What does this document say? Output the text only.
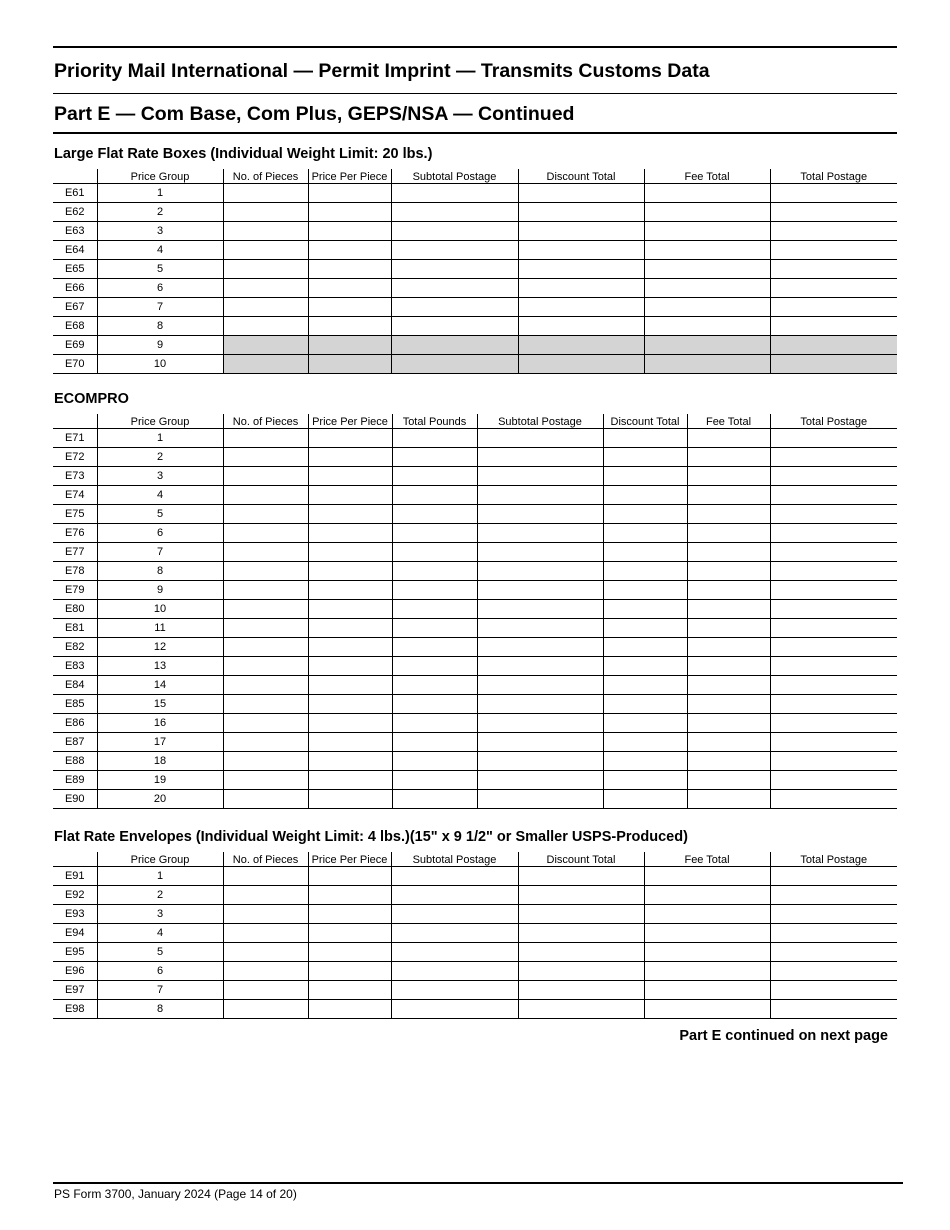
Priority Mail International — Permit Imprint — Transmits Customs Data
Part E — Com Base, Com Plus, GEPS/NSA — Continued
Large Flat Rate Boxes (Individual Weight Limit: 20 lbs.)
	Price Group	No. of Pieces	Price Per Piece	Subtotal Postage	Discount Total	Fee Total	Total Postage
E61	1						
E62	2						
E63	3						
E64	4						
E65	5						
E66	6						
E67	7						
E68	8						
E69	9						
E70	10						
ECOMPRO
	Price Group	No. of Pieces	Price Per Piece	Total Pounds	Subtotal Postage	Discount Total	Fee Total	Total Postage
E71	1							
E72	2							
E73	3							
E74	4							
E75	5							
E76	6							
E77	7							
E78	8							
E79	9							
E80	10							
E81	11							
E82	12							
E83	13							
E84	14							
E85	15							
E86	16							
E87	17							
E88	18							
E89	19							
E90	20							
Flat Rate Envelopes (Individual Weight Limit: 4 lbs.)(15" x 9 1/2" or Smaller USPS-Produced)
	Price Group	No. of Pieces	Price Per Piece	Subtotal Postage	Discount Total	Fee Total	Total Postage
E91	1						
E92	2						
E93	3						
E94	4						
E95	5						
E96	6						
E97	7						
E98	8						
Part E continued on next page
PS Form 3700, January 2024 (Page 14 of 20)
